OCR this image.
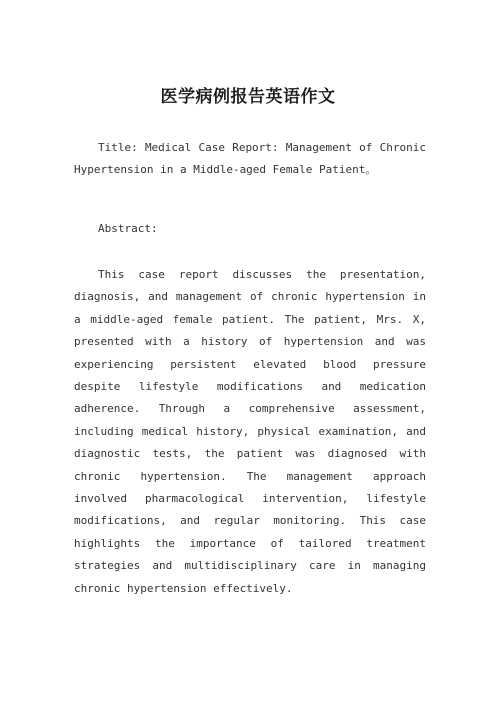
医学病例报告英语作文

Title: Medical Case Report: Management of Chronic Hypertension in a Middle-aged Female Patient。

Abstract:

This case report discusses the presentation, diagnosis, and management of chronic hypertension in a middle-aged female patient. The patient, Mrs. X, presented with a history of hypertension and was experiencing persistent elevated blood pressure despite lifestyle modifications and medication adherence. Through a comprehensive assessment, including medical history, physical examination, and diagnostic tests, the patient was diagnosed with chronic hypertension. The management approach involved pharmacological intervention, lifestyle modifications, and regular monitoring. This case highlights the importance of tailored treatment strategies and multidisciplinary care in managing chronic hypertension effectively.
